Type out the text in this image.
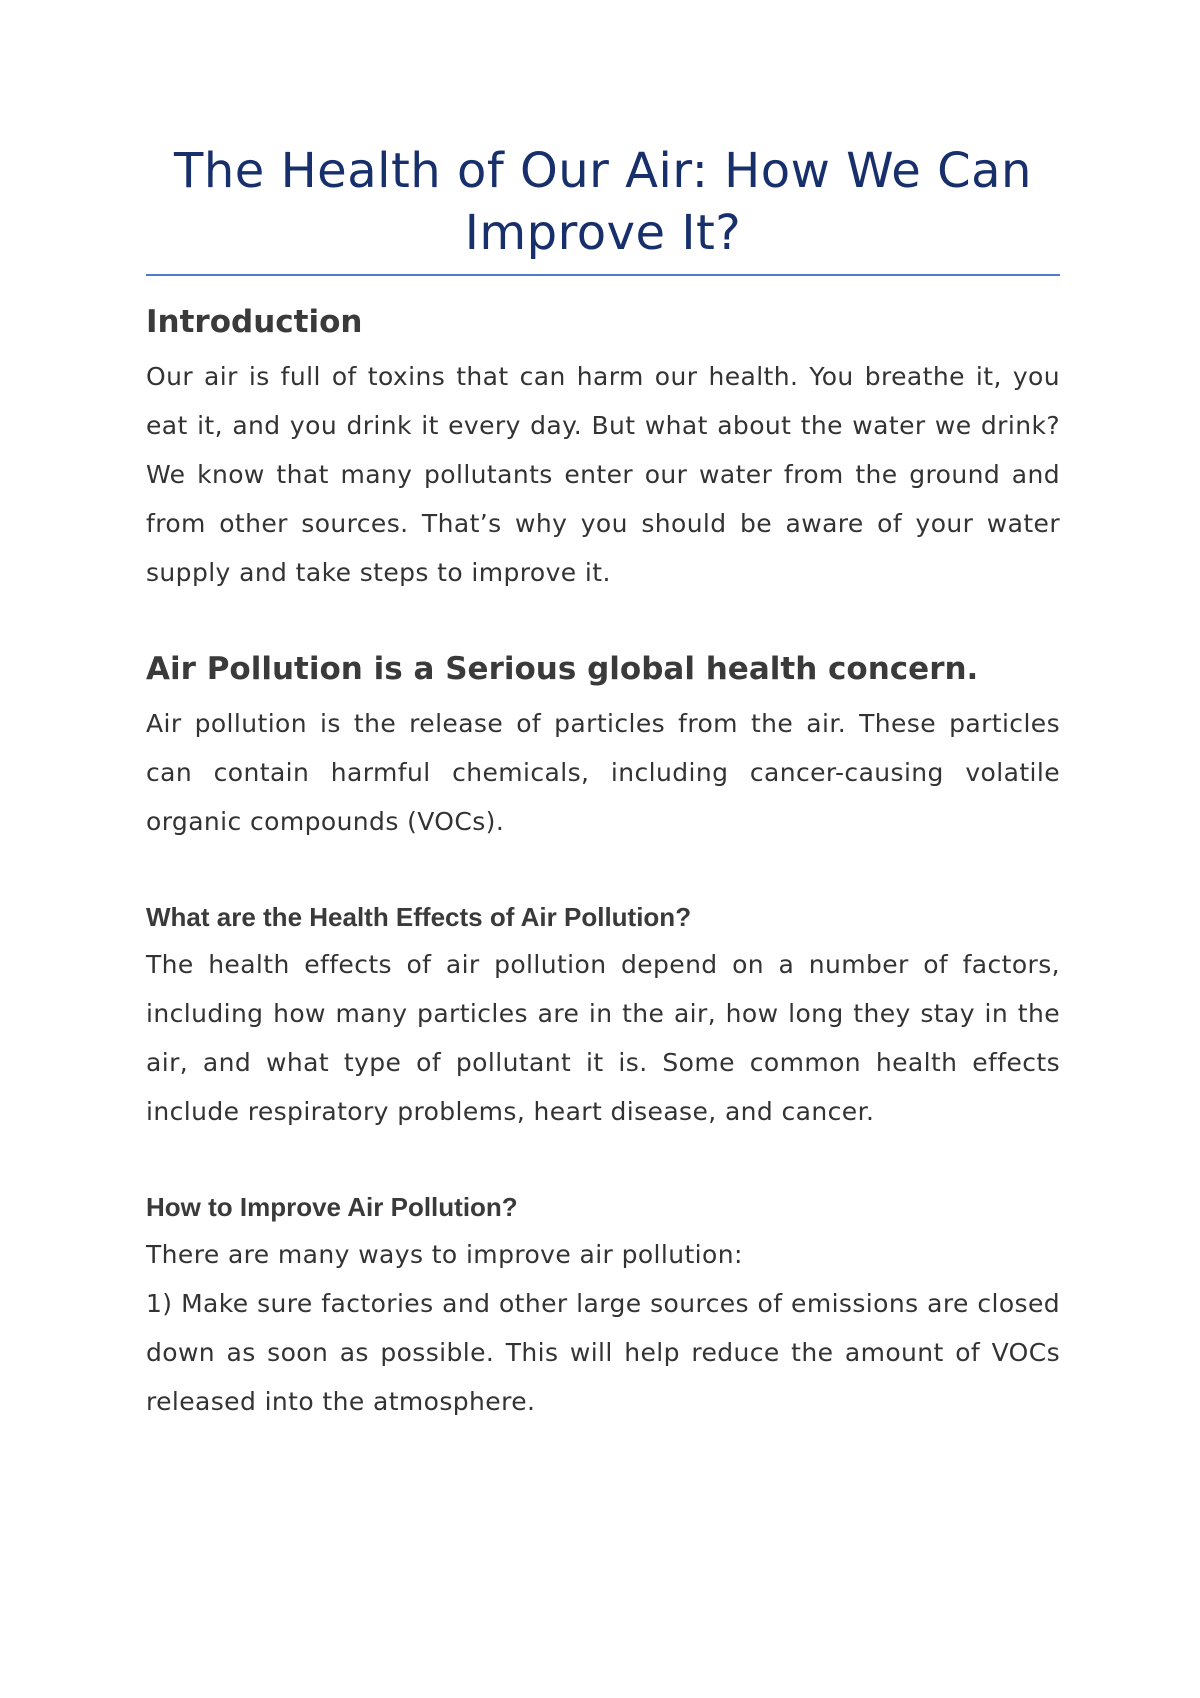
The Health of Our Air: How We Can Improve It?
Introduction

Our air is full of toxins that can harm our health. You breathe it, you eat it, and you drink it every day. But what about the water we drink? We know that many pollutants enter our water from the ground and from other sources. That’s why you should be aware of your water supply and take steps to improve it.

Air Pollution is a Serious global health concern.

Air pollution is the release of particles from the air. These particles can contain harmful chemicals, including cancer-causing volatile organic compounds (VOCs).

What are the Health Effects of Air Pollution?

The health effects of air pollution depend on a number of factors, including how many particles are in the air, how long they stay in the air, and what type of pollutant it is. Some common health effects include respiratory problems, heart disease, and cancer.

How to Improve Air Pollution?

There are many ways to improve air pollution:

1) Make sure factories and other large sources of emissions are closed down as soon as possible. This will help reduce the amount of VOCs released into the atmosphere.
